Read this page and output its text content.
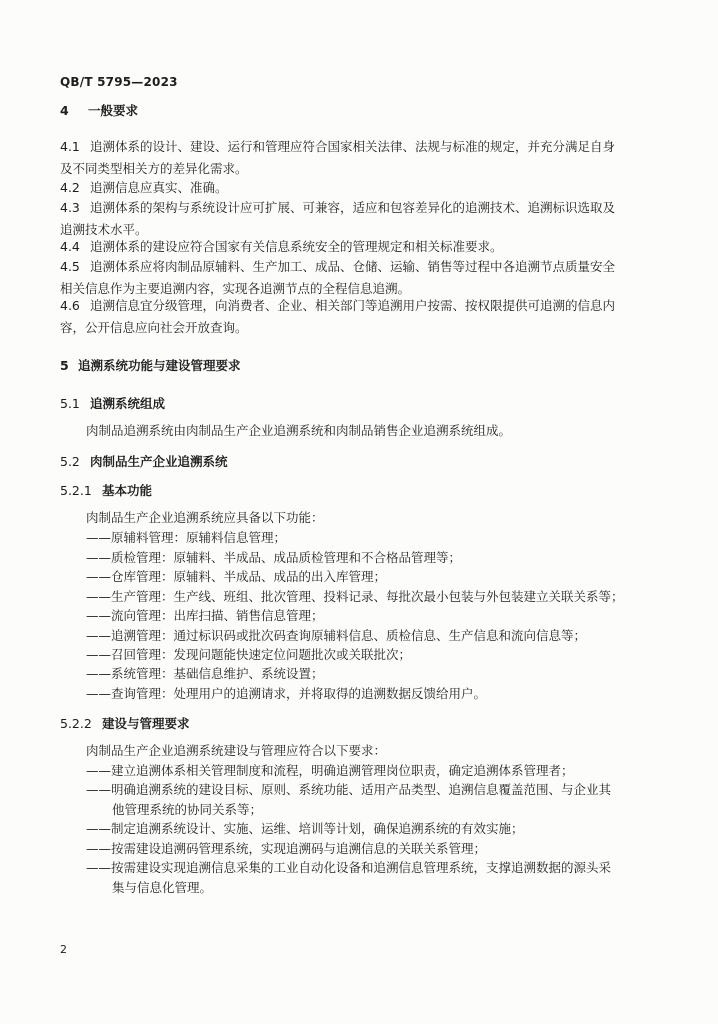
QB/T 5795—2023
4 一般要求
4.1 追溯体系的设计、建设、运行和管理应符合国家相关法律、法规与标准的规定，并充分满足自身
及不同类型相关方的差异化需求。
4.2 追溯信息应真实、准确。
4.3 追溯体系的架构与系统设计应可扩展、可兼容，适应和包容差异化的追溯技术、追溯标识选取及
追溯技术水平。
4.4 追溯体系的建设应符合国家有关信息系统安全的管理规定和相关标准要求。
4.5 追溯体系应将肉制品原辅料、生产加工、成品、仓储、运输、销售等过程中各追溯节点质量安全
相关信息作为主要追溯内容，实现各追溯节点的全程信息追溯。
4.6 追溯信息宜分级管理，向消费者、企业、相关部门等追溯用户按需、按权限提供可追溯的信息内
容，公开信息应向社会开放查询。
5 追溯系统功能与建设管理要求
5.1 追溯系统组成
肉制品追溯系统由肉制品生产企业追溯系统和肉制品销售企业追溯系统组成。
5.2 肉制品生产企业追溯系统
5.2.1 基本功能
肉制品生产企业追溯系统应具备以下功能：
——原辅料管理：原辅料信息管理；
——质检管理：原辅料、半成品、成品质检管理和不合格品管理等；
——仓库管理：原辅料、半成品、成品的出入库管理；
——生产管理：生产线、班组、批次管理、投料记录、每批次最小包装与外包装建立关联关系等；
——流向管理：出库扫描、销售信息管理；
——追溯管理：通过标识码或批次码查询原辅料信息、质检信息、生产信息和流向信息等；
——召回管理：发现问题能快速定位问题批次或关联批次；
——系统管理：基础信息维护、系统设置；
——查询管理：处理用户的追溯请求，并将取得的追溯数据反馈给用户。
5.2.2 建设与管理要求
肉制品生产企业追溯系统建设与管理应符合以下要求：
——建立追溯体系相关管理制度和流程，明确追溯管理岗位职责，确定追溯体系管理者；
——明确追溯系统的建设目标、原则、系统功能、适用产品类型、追溯信息覆盖范围、与企业其
他管理系统的协同关系等；
——制定追溯系统设计、实施、运维、培训等计划，确保追溯系统的有效实施；
——按需建设追溯码管理系统，实现追溯码与追溯信息的关联关系管理；
——按需建设实现追溯信息采集的工业自动化设备和追溯信息管理系统，支撑追溯数据的源头采
集与信息化管理。
2
